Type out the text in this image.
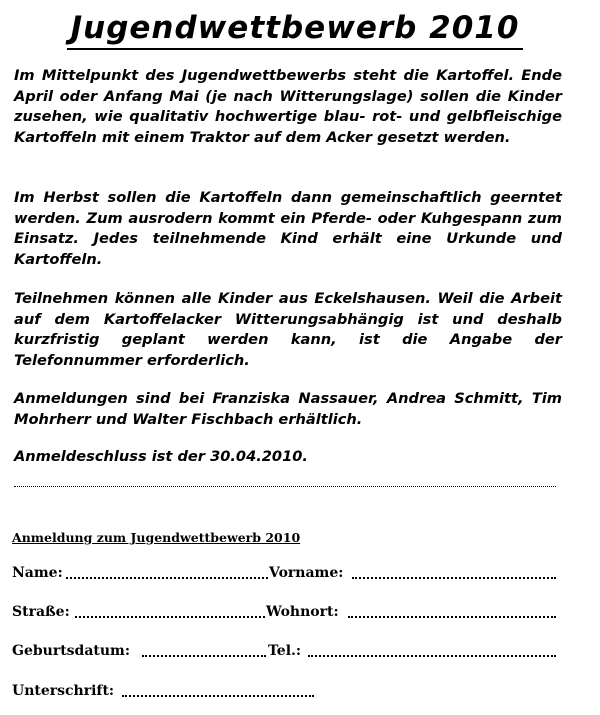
Jugendwettbewerb 2010

Im Mittelpunkt des Jugendwettbewerbs steht die Kartoffel. Ende April oder Anfang Mai (je nach Witterungslage) sollen die Kinder zusehen, wie qualitativ hochwertige blau- rot- und gelbfleischige Kartoffeln mit einem Traktor auf dem Acker gesetzt werden.

Im Herbst sollen die Kartoffeln dann gemeinschaftlich geerntet werden. Zum ausrodern kommt ein Pferde- oder Kuhgespann zum Einsatz. Jedes teilnehmende Kind erhält eine Urkunde und Kartoffeln.

Teilnehmen können alle Kinder aus Eckelshausen. Weil die Arbeit auf dem Kartoffelacker Witterungsabhängig ist und deshalb kurzfristig geplant werden kann, ist die Angabe der Telefonnummer erforderlich.

Anmeldungen sind bei Franziska Nassauer, Andrea Schmitt, Tim Mohrherr und Walter Fischbach erhältlich.

Anmeldeschluss ist der 30.04.2010.

Anmeldung zum Jugendwettbewerb 2010
Name:	Vorname:
Straße:	Wohnort:
Geburtsdatum:	Tel.:
Unterschrift:
